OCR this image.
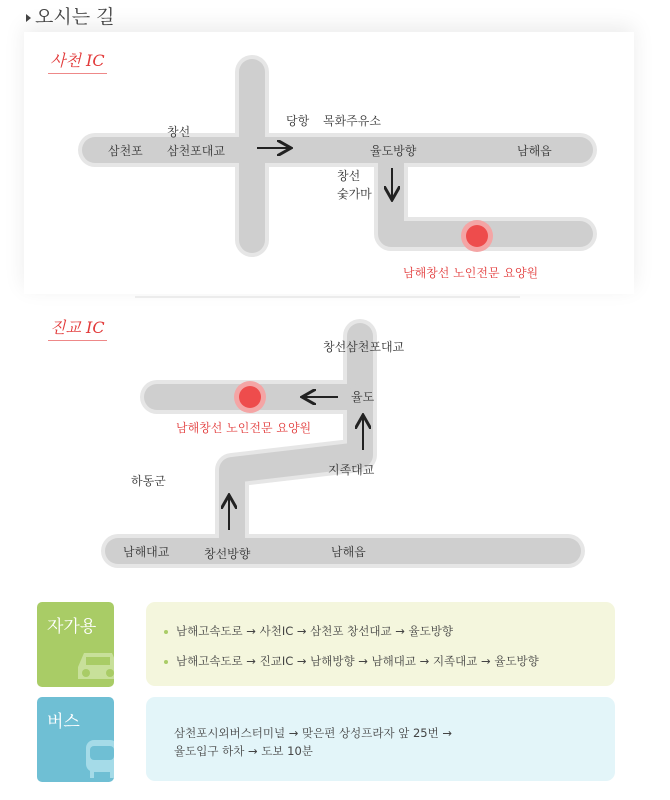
오시는 길
삼천포
창선
삼천포대교
당항 목화주유소
율도방향	남해읍
창선
숯가마
남해창선 노인전문 요양원
창선삼천포대교
율도
남해창선 노인전문 요양원
지족대교
하동군
남해대교	창선방향	남해읍
사천 IC
진교 IC
자가용	남해고속도로 → 사천IC → 삼천포 창선대교 → 율도방향
남해고속도로 → 진교IC → 남해방향 → 남해대교 → 지족대교 → 율도방향
버스
삼천포시외버스터미널 → 맞은편 상성프라자 앞 25번 →
율도입구 하차 → 도보 10분
